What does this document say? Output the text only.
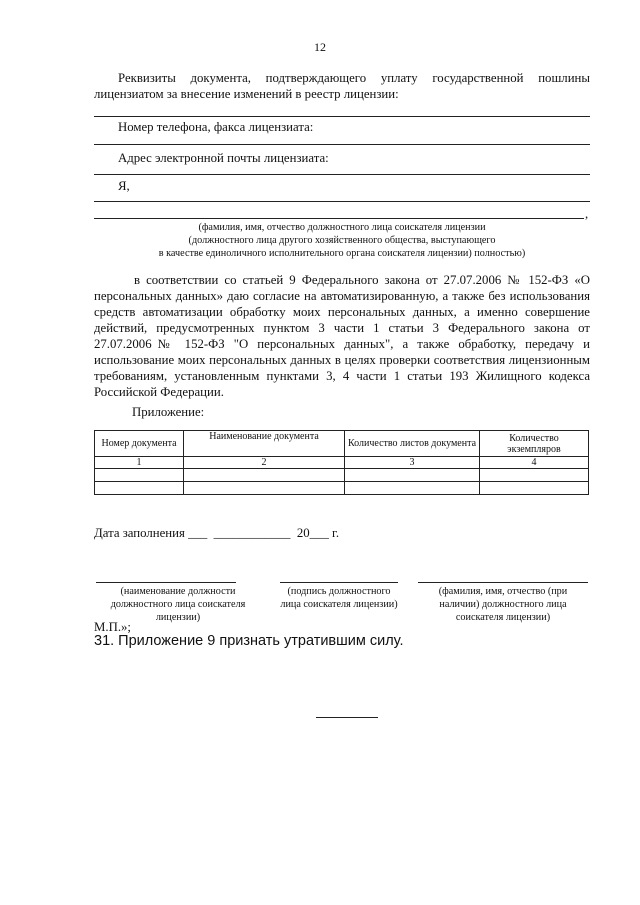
12
Реквизиты документа, подтверждающего уплату государственной пошлины лицензиатом за внесение изменений в реестр лицензии:
Номер телефона, факса лицензиата:
Адрес электронной почты лицензиата:
Я,
,
(фамилия, имя, отчество должностного лица соискателя лицензии
(должностного лица другого хозяйственного общества, выступающего
в качестве единоличного исполнительного органа соискателя лицензии) полностью)
в соответствии со статьей 9 Федерального закона от 27.07.2006 № 152-ФЗ «О персональных данных» даю согласие на автоматизированную, а также без использования средств автоматизации обработку моих персональных данных, а именно совершение действий, предусмотренных пунктом 3 части 1 статьи 3 Федерального закона от 27.07.2006№ 152-ФЗ "О персональных данных", а также обработку, передачу и использование моих персональных данных в целях проверки соответствия лицензионным требованиям, установленным пунктами 3, 4 части 1 статьи 193 Жилищного кодекса Российской Федерации.
Приложение:
Номер документа	Наименование документа	Количество листов документа	Количество экземпляров
1	2	3	4

Дата заполнения ___  ____________ 20___ г.
(наименование должности должностного лица соискателя лицензии)
(подпись должностного лица соискателя лицензии)
(фамилия, имя, отчество (при наличии) должностного лица соискателя лицензии)
М.П.»;
31. Приложение 9 признать утратившим силу.
